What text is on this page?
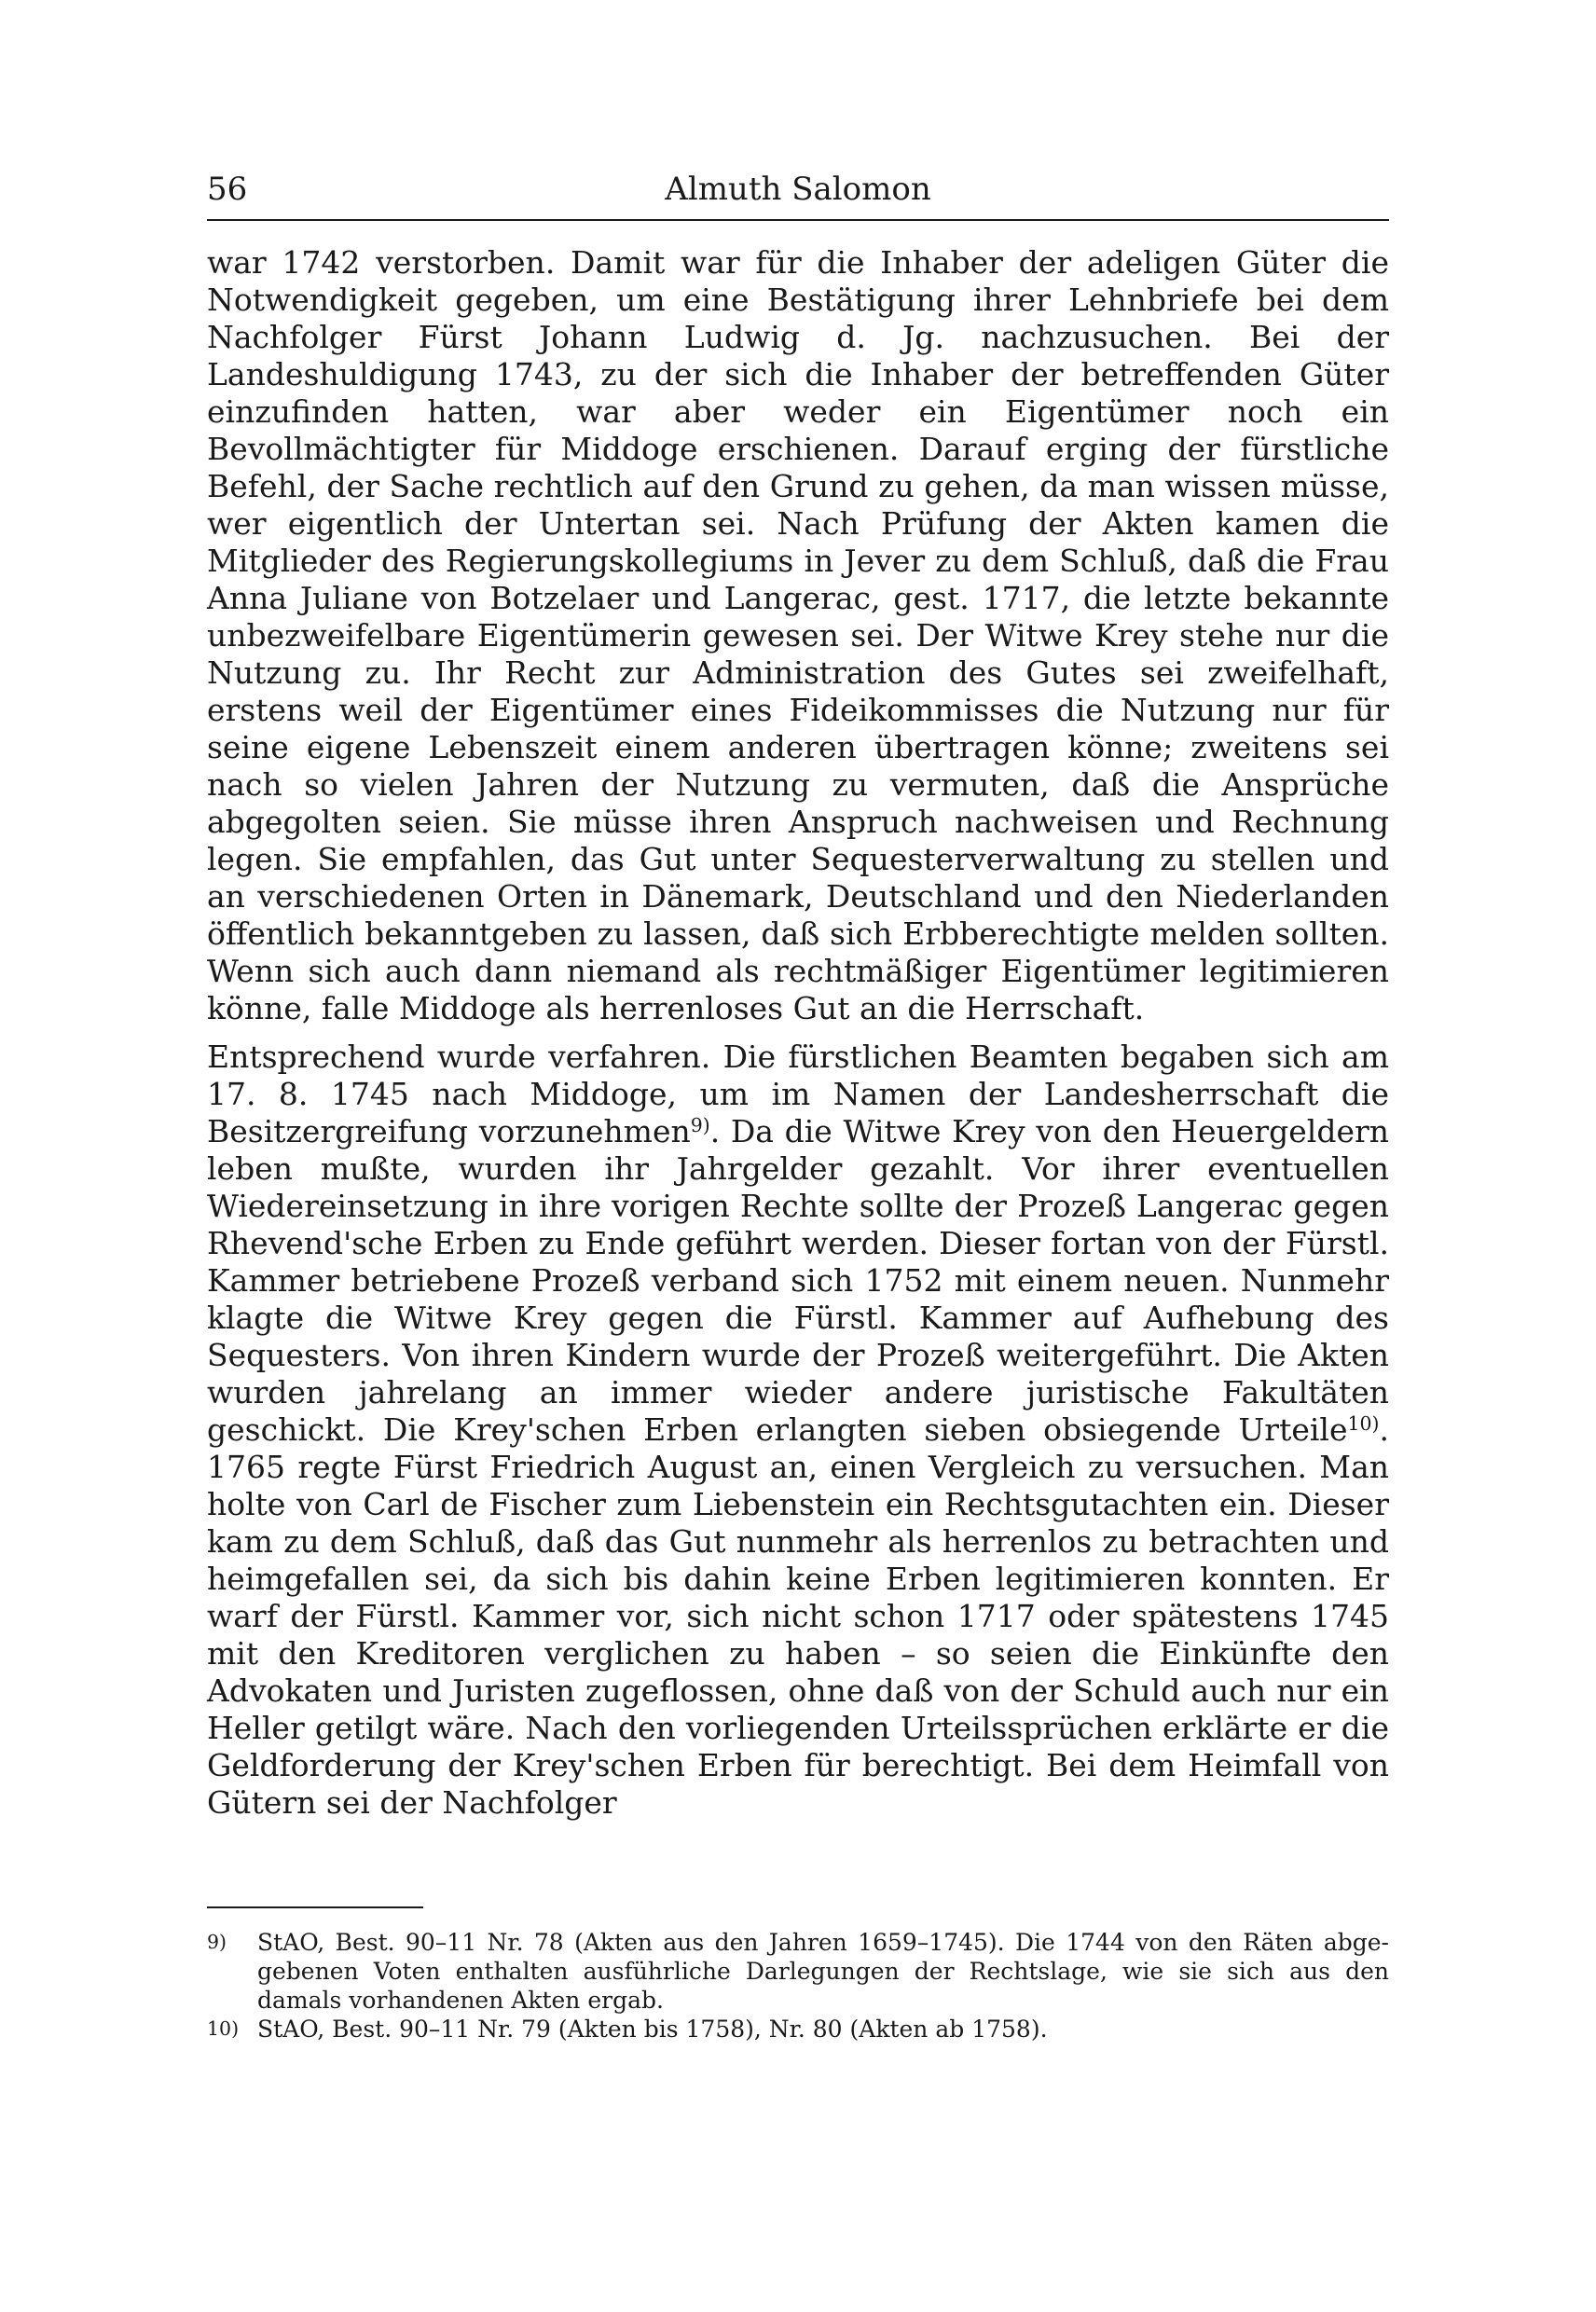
56	Almuth Salomon

war 1742 verstorben. Damit war für die Inhaber der adeligen Güter die Notwendigkeit gegeben, um eine Bestätigung ihrer Lehnbriefe bei dem Nachfolger Fürst Johann Ludwig d. Jg. nachzusuchen. Bei der Landeshuldigung 1743, zu der sich die Inhaber der betreffenden Güter einzufinden hatten, war aber weder ein Eigentümer noch ein Bevollmächtigter für Middoge erschienen. Darauf erging der fürstliche Befehl, der Sache rechtlich auf den Grund zu gehen, da man wissen müsse, wer eigentlich der Untertan sei. Nach Prüfung der Akten kamen die Mitglieder des Regierungskollegiums in Jever zu dem Schluß, daß die Frau Anna Juliane von Botzelaer und Langerac, gest. 1717, die letzte bekannte unbezweifelbare Eigentümerin gewesen sei. Der Witwe Krey stehe nur die Nutzung zu. Ihr Recht zur Administration des Gutes sei zweifelhaft, erstens weil der Eigentümer eines Fideikommisses die Nutzung nur für seine eigene Lebenszeit einem anderen übertragen könne; zweitens sei nach so vielen Jahren der Nutzung zu vermuten, daß die Ansprüche abgegolten seien. Sie müsse ihren Anspruch nachweisen und Rechnung legen. Sie empfahlen, das Gut unter Sequesterverwaltung zu stellen und an verschiedenen Orten in Dänemark, Deutschland und den Niederlanden öffentlich bekanntgeben zu lassen, daß sich Erbberechtigte melden sollten. Wenn sich auch dann niemand als rechtmäßiger Eigentümer legitimieren könne, falle Middoge als herrenloses Gut an die Herrschaft.

Entsprechend wurde verfahren. Die fürstlichen Beamten begaben sich am 17. 8. 1745 nach Middoge, um im Namen der Landesherrschaft die Besitzergreifung vorzunehmen$^{9)}$. Da die Witwe Krey von den Heuergeldern leben mußte, wurden ihr Jahrgelder gezahlt. Vor ihrer eventuellen Wiedereinsetzung in ihre vorigen Rechte sollte der Prozeß Langerac gegen Rhevend'sche Erben zu Ende geführt werden. Dieser fortan von der Fürstl. Kammer betriebene Prozeß verband sich 1752 mit einem neuen. Nunmehr klagte die Witwe Krey gegen die Fürstl. Kammer auf Aufhebung des Sequesters. Von ihren Kindern wurde der Prozeß weitergeführt. Die Akten wurden jahrelang an immer wieder andere juristische Fakultäten geschickt. Die Krey'schen Erben erlangten sieben obsiegende Urteile$^{10)}$. 1765 regte Fürst Friedrich August an, einen Vergleich zu versuchen. Man holte von Carl de Fischer zum Liebenstein ein Rechtsgutachten ein. Dieser kam zu dem Schluß, daß das Gut nunmehr als herrenlos zu betrachten und heimgefallen sei, da sich bis dahin keine Erben legitimieren konnten. Er warf der Fürstl. Kammer vor, sich nicht schon 1717 oder spätestens 1745 mit den Kreditoren verglichen zu haben – so seien die Einkünfte den Advokaten und Juristen zugeflossen, ohne daß von der Schuld auch nur ein Heller getilgt wäre. Nach den vorliegenden Urteilssprüchen erklärte er die Geldforderung der Krey'schen Erben für berechtigt. Bei dem Heimfall von Gütern sei der Nachfolger

9) StAO, Best. 90–11 Nr. 78 (Akten aus den Jahren 1659–1745). Die 1744 von den Räten abgegebenen Voten enthalten ausführliche Darlegungen der Rechtslage, wie sie sich aus den damals vorhandenen Akten ergab.

10) StAO, Best. 90–11 Nr. 79 (Akten bis 1758), Nr. 80 (Akten ab 1758).
